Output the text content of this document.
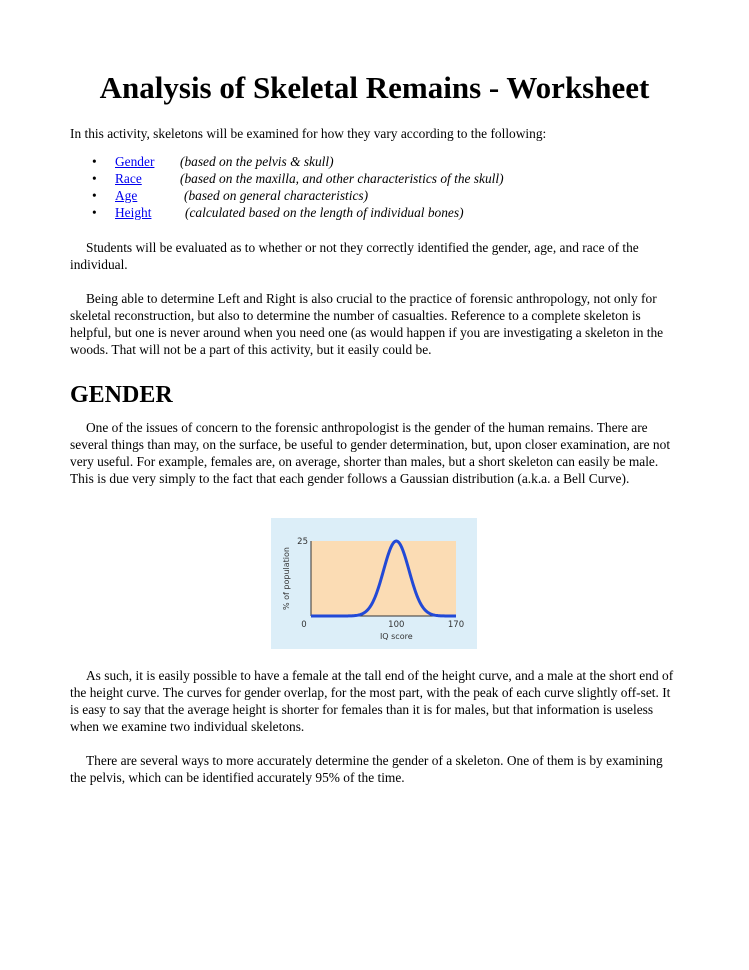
Analysis of Skeletal Remains - Worksheet

In this activity, skeletons will be examined for how they vary according to the following:

• Gender (based on the pelvis & skull)
• Race	(based on the maxilla, and other characteristics of the skull)
• Age	(based on general characteristics)
• Height	(calculated based on the length of individual bones)

Students will be evaluated as to whether or not they correctly identified the gender, age, and race of the individual.

Being able to determine Left and Right is also crucial to the practice of forensic anthropology, not only for skeletal reconstruction, but also to determine the number of casualties. Reference to a complete skeleton is helpful, but one is never around when you need one (as would happen if you are investigating a skeleton in the woods. That will not be a part of this activity, but it easily could be.

GENDER

One of the issues of concern to the forensic anthropologist is the gender of the human remains. There are several things than may, on the surface, be useful to gender determination, but, upon closer examination, are not very useful. For example, females are, on average, shorter than males, but a short skeleton can easily be male. This is due very simply to the fact that each gender follows a Gaussian distribution (a.k.a. a Bell Curve).

0	100	170
25
% of population
IQ score

As such, it is easily possible to have a female at the tall end of the height curve, and a male at the short end of the height curve. The curves for gender overlap, for the most part, with the peak of each curve slightly off-set. It is easy to say that the average height is shorter for females than it is for males, but that information is useless when we examine two individual skeletons.

There are several ways to more accurately determine the gender of a skeleton. One of them is by examining the pelvis, which can be identified accurately 95% of the time.
